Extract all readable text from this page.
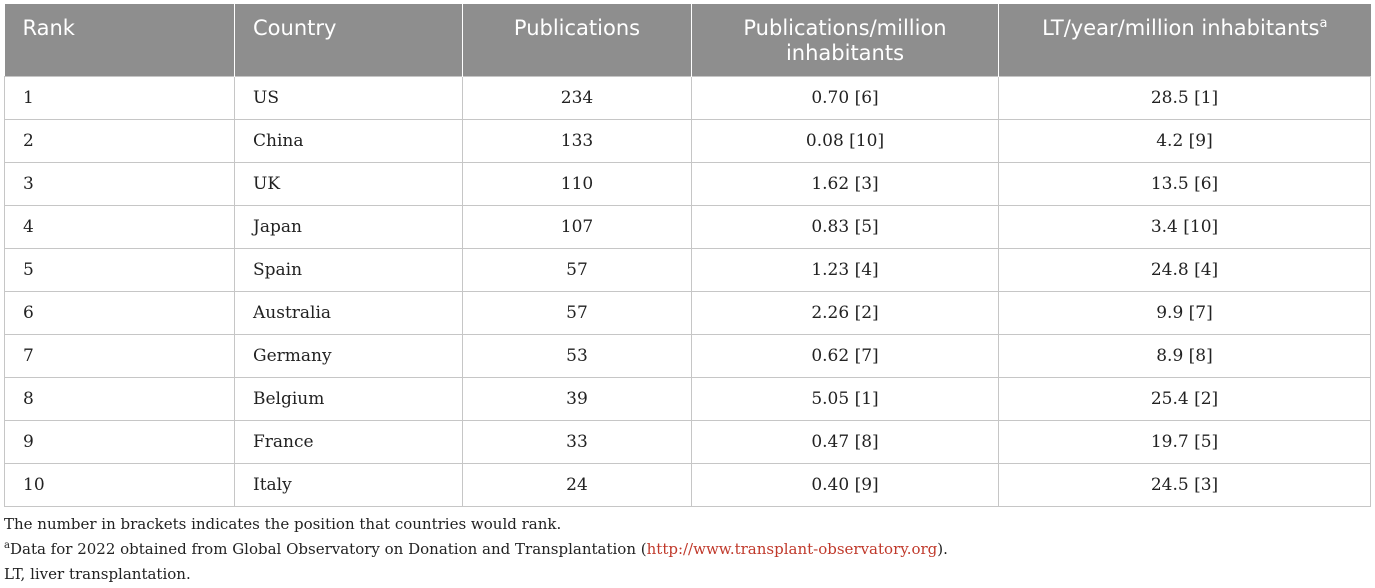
Rank	Country	Publications	Publications/million inhabitants	LT/year/million inhabitants$^a$
1	US	234	0.70 [6]	28.5 [1]
2	China	133	0.08 [10]	4.2 [9]
3	UK	110	1.62 [3]	13.5 [6]
4	Japan	107	0.83 [5]	3.4 [10]
5	Spain	57	1.23 [4]	24.8 [4]
6	Australia	57	2.26 [2]	9.9 [7]
7	Germany	53	0.62 [7]	8.9 [8]
8	Belgium	39	5.05 [1]	25.4 [2]
9	France	33	0.47 [8]	19.7 [5]
10	Italy	24	0.40 [9]	24.5 [3]
The number in brackets indicates the position that countries would rank.
$^a$Data for 2022 obtained from Global Observatory on Donation and Transplantation (http://www.transplant-observatory.org).
LT, liver transplantation.
